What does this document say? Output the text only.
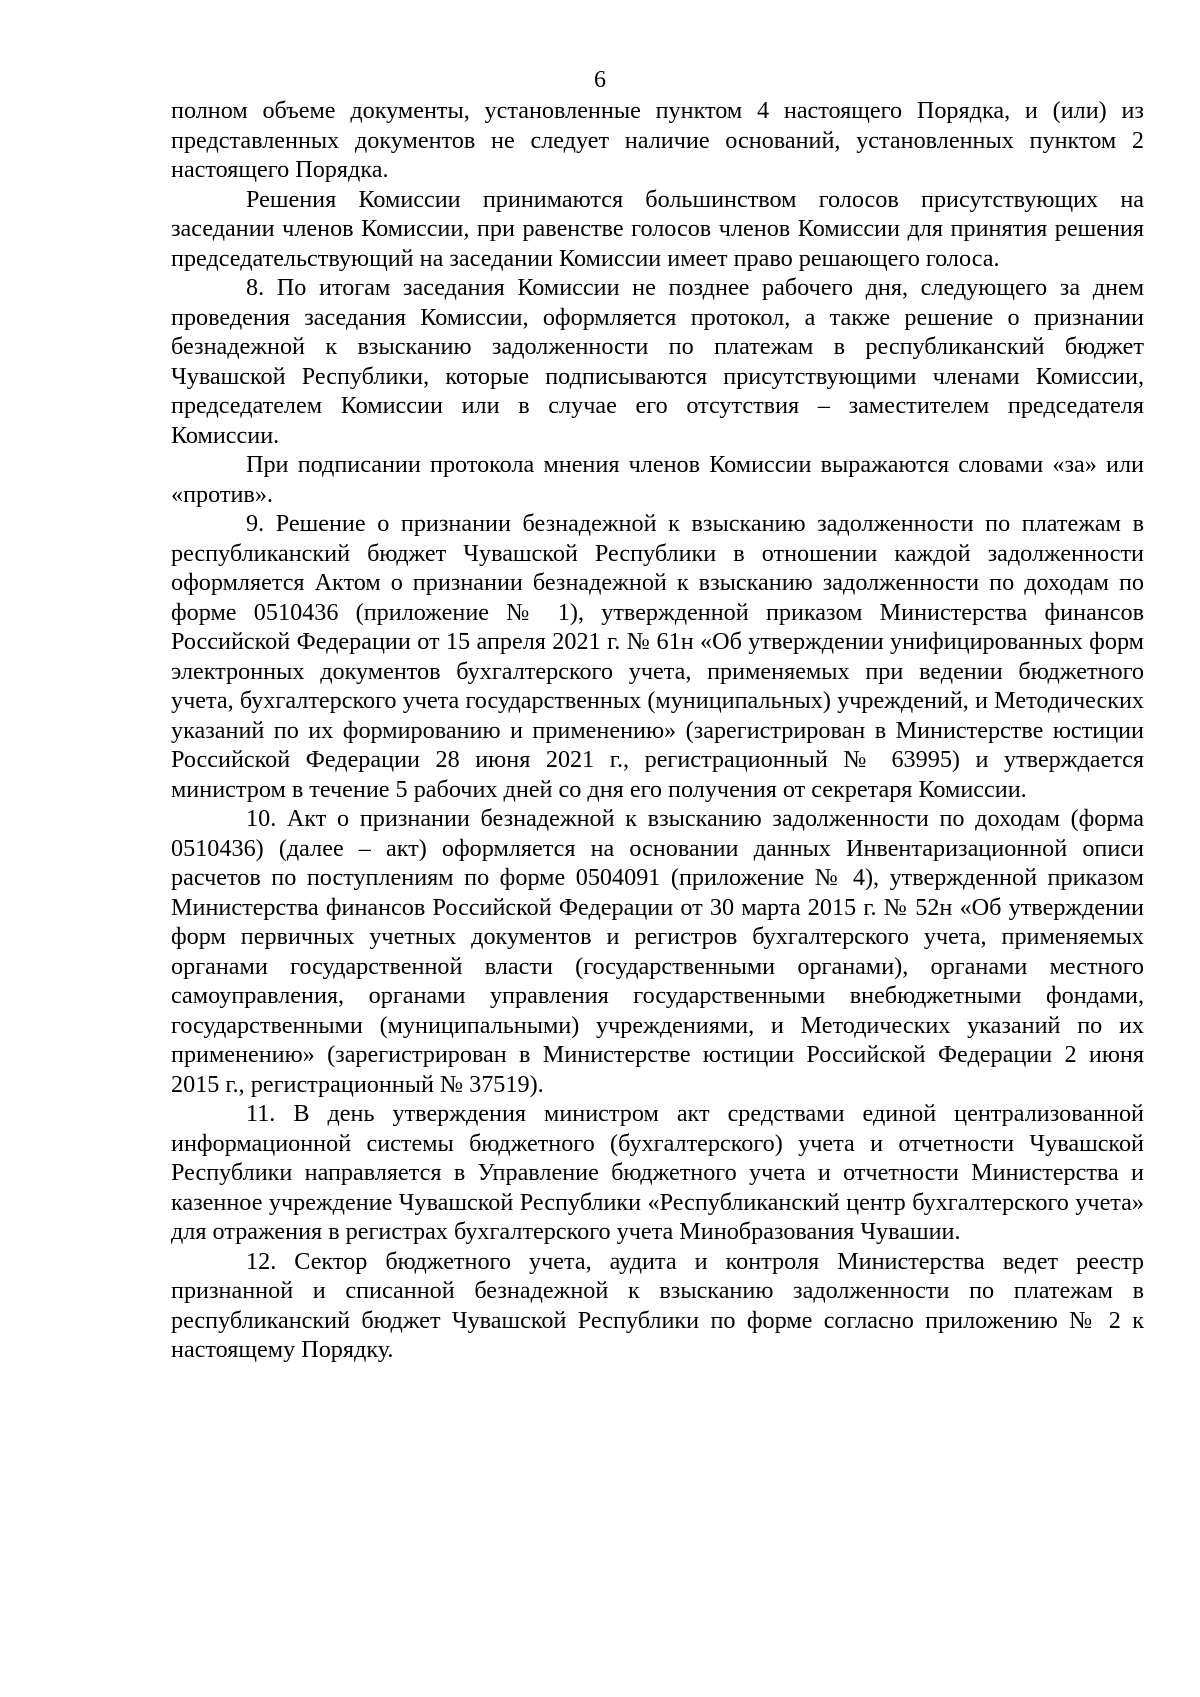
6

полном объеме документы, установленные пунктом 4 настоящего Порядка, и (или) из представленных документов не следует наличие оснований, установленных пунктом 2 настоящего Порядка.

Решения Комиссии принимаются большинством голосов присутствующих на заседании членов Комиссии, при равенстве голосов членов Комиссии для принятия решения председательствующий на заседании Комиссии имеет право решающего голоса.

8. По итогам заседания Комиссии не позднее рабочего дня, следующего за днем проведения заседания Комиссии, оформляется протокол, а также решение о признании безнадежной к взысканию задолженности по платежам в республиканский бюджет Чувашской Республики, которые подписываются присутствующими членами Комиссии, председателем Комиссии или в случае его отсутствия – заместителем председателя Комиссии.

При подписании протокола мнения членов Комиссии выражаются словами «за» или «против».

9. Решение о признании безнадежной к взысканию задолженности по платежам в республиканский бюджет Чувашской Республики в отношении каждой задолженности оформляется Актом о признании безнадежной к взысканию задолженности по доходам по форме 0510436 (приложение № 1), утвержденной приказом Министерства финансов Российской Федерации от 15 апреля 2021 г. № 61н «Об утверждении унифицированных форм электронных документов бухгалтерского учета, применяемых при ведении бюджетного учета, бухгалтерского учета государственных (муниципальных) учреждений, и Методических указаний по их формированию и применению» (зарегистрирован в Министерстве юстиции Российской Федерации 28 июня 2021 г., регистрационный № 63995) и утверждается министром в течение 5 рабочих дней со дня его получения от секретаря Комиссии.

10. Акт о признании безнадежной к взысканию задолженности по доходам (форма 0510436) (далее – акт) оформляется на основании данных Инвентаризационной описи расчетов по поступлениям по форме 0504091 (приложение № 4), утвержденной приказом Министерства финансов Российской Федерации от 30 марта 2015 г. № 52н «Об утверждении форм первичных учетных документов и регистров бухгалтерского учета, применяемых органами государственной власти (государственными органами), органами местного самоуправления, органами управления государственными внебюджетными фондами, государственными (муниципальными) учреждениями, и Методических указаний по их применению» (зарегистрирован в Министерстве юстиции Российской Федерации 2 июня 2015 г., регистрационный № 37519).

11. В день утверждения министром акт средствами единой централизованной информационной системы бюджетного (бухгалтерского) учета и отчетности Чувашской Республики направляется в Управление бюджетного учета и отчетности Министерства и казенное учреждение Чувашской Республики «Республиканский центр бухгалтерского учета» для отражения в регистрах бухгалтерского учета Минобразования Чувашии.

12. Сектор бюджетного учета, аудита и контроля Министерства ведет реестр признанной и списанной безнадежной к взысканию задолженности по платежам в республиканский бюджет Чувашской Республики по форме согласно приложению № 2 к настоящему Порядку.
